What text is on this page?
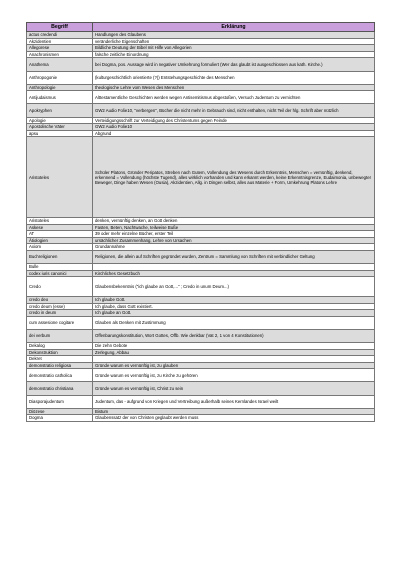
Begriff	Erklärung
actus credendi	Handlungen des Glaubens
Akzidentien	veränderliche Eigenschaften
Allegorese	Bildliche Deutung der Bibel mit Hilfe von Allegorien
Anachronismen	falsche zeitliche Einordnung
Anathema	bei Dogma, pos. Aussage wird in negativer Umkehrung formuliert (Wer das glaubt ist ausgeschlossen aus kath. Kirche.)
Anthropogonie	(kulturgeschichtlich orientierte (?)) Entstehungsgeschichte des Menschen
Anthropologie	theologische Lehre vom Wesen des Menschen
Antijudaismus	Alttestamentliche Geschichten werden wegen Antisemitismus abgestoßen, Versuch Judentum zu vernichten
Apokryphen	GW2 Audio Folie10, "verbergen", Bücher die nicht mehr in Gebrauch sind, nicht enthalten, nicht Teil der hlg. Schrift aber nützlich
Apologie	Verteidigungsschrift zur Verteidigung des Christentums gegen Feinde
Apostolische Väter	GW2 Audio Folie10
apsu	Abgrund
Aristoteles	Schüler Platons, Gründer Peripatos, Streben nach Gutem, Vollendung des Wesens durch Erkenntnis, Menschen = vernünftig, denkend, erkennend = Vollendung (höchste Tugend), alles wirklich vorhanden und kann erkannt werden, keine Erkenntnisgrenze, Eudaimonia, unbewegter Beweger, Dinge haben Wesen (Ousia), Akzidentien, Allg. in Dingen selbst, alles aus Materie + Form, Umkehrung Platons Lehre
Aristoteles	denken, vernünftig denken, an Gott denken
Askese	Fasten, Beten, Nachtwache, teilweise Buße
AT	39 oder mehr einzelne Bücher, erster Teil
Ätiologien	ursächlicher Zusammenhang, Lehre von Ursachen
Axiom	Grundannahme
Buchreligionen	Religionen, die allein auf Schriften gegründet wurden, Zentrum = Sammlung von Schriften mit verbindlicher Geltung
Bulle	
codex iuris canonici	Kirchliches Gesetzbuch
Credo	Glaubensbekenntnis ("ich glaube an Gott,..." ; Credo in unum Deum...)
credo deo	Ich glaube Gott.
credo deum (esse)	Ich glaube, dass Gott existiert.
credo in deum	Ich glaube an Gott.
cum assesione cogitare	Glauben als Denken mit Zustimmung
dei verbum	Offenbarungskonstitution, Wort Gottes, Offb. Wie denkbar (Vat 2, 1 von 4 Konstitutionen)
Dekalog	Die zehn Gebote
Dekonstruktion	Zerlegung, Abbau
Dekret	
demonstratio religiosa	Gründe warum es vernünftig ist, zu glauben
demonstratio catholica	Gründe warum es vernünftig ist, zu Kirche zu gehören
demonstratio christiana	Gründe warum es vernünftig ist, Christ zu sein
Diasporajudentum	Judentum, das - aufgrund von Kriegen und Vertreibung außerhalb seines Kernlandes Israel weilt
Diözese	Bistum
Dogma	Glaubenssatz der von Christen geglaubt werden muss
